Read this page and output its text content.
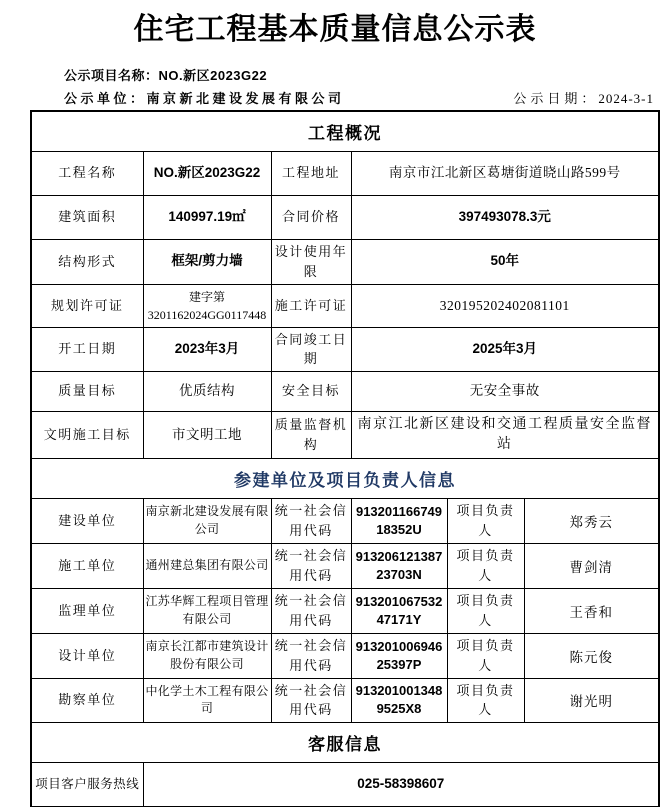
住宅工程基本质量信息公示表
公示项目名称：NO.新区2023G22
公示单位：南京新北建设发展有限公司	公示日期：2024-3-1
工程概况					
工程名称	NO.新区2023G22	工程地址	南京市江北新区葛塘街道晓山路599号		
建筑面积	140997.19㎡	合同价格	397493078.3元		
结构形式	框架/剪力墙	设计使用年限	50年		
规划许可证	建字第3201162024GG0117448	施工许可证	320195202402081101		
开工日期	2023年3月	合同竣工日期	2025年3月		
质量目标	优质结构	安全目标	无安全事故		
文明施工目标	市文明工地	质量监督机构	南京江北新区建设和交通工程质量安全监督站		
参建单位及项目负责人信息					
建设单位	南京新北建设发展有限公司	统一社会信用代码	91320116674918352U	项目负责人	郑秀云
施工单位	通州建总集团有限公司	统一社会信用代码	91320612138723703N	项目负责人	曹剑清
监理单位	江苏华辉工程项目管理有限公司	统一社会信用代码	91320106753247171Y	项目负责人	王香和
设计单位	南京长江都市建筑设计股份有限公司	统一社会信用代码	91320100694625397P	项目负责人	陈元俊
勘察单位	中化学土木工程有限公司	统一社会信用代码	9132010013489525X8	项目负责人	谢光明
客服信息					
项目客户服务热线	025-58398607				
